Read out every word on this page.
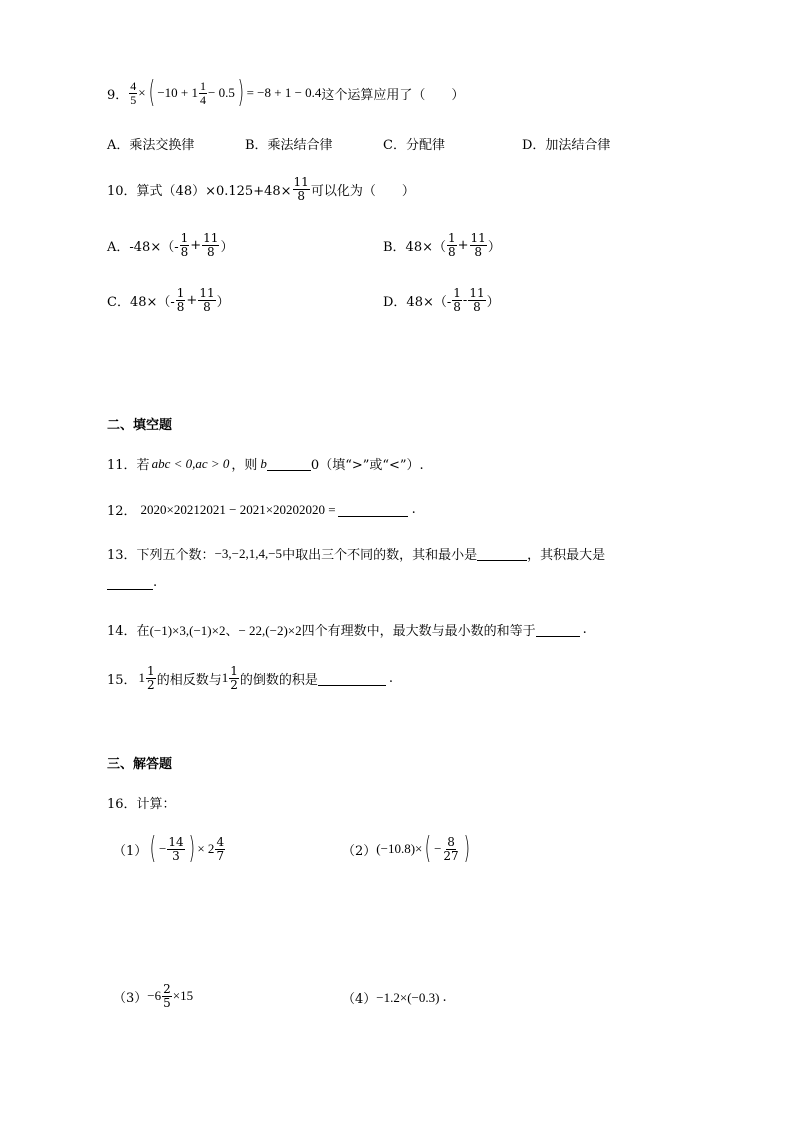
9． $\frac{4}{5}$ × ( $-10 + 1 \frac{1}{4} - 0.5$ ) = −8 + 1 − 0.4 这个运算应用了（　　）
A．乘法交换律	B．乘法结合律	C．分配律	D．加法结合律
10． 算式$(48)\times 0.125+48\times \frac{11}{8}$ 可以化为（　　）
A．$-48\times(- \frac{1}{8} + \frac{11}{8}$ ）	B．$48\times( \frac{1}{8} + \frac{11}{8}$ ）
C．$48\times(- \frac{1}{8} + \frac{11}{8}$ ）	D．$48\times(- \frac{1}{8} - \frac{11}{8}$ ）
二、填空题
11． 若 abc < 0,ac > 0 ，则 b	0（填“>”或“<”）.
12． 2020×20212021 − 2021×20202020 =	.
13． 下列五个数： −3,−2,1,4,−5 中取出三个不同的数，其和最小是	，其积最大是
.
14． 在 (−1)×3,(−1)×2、− 22,(−2)×2 四个有理数中，最大数与最小数的和等于	.
15． $1 \frac{1}{2}$ 的相反数与 $1 \frac{1}{2}$ 的倒数的积是	.
三、解答题
16．计算：
（1） ( − $\frac{14}{3}$ ) × $2 \frac{4}{7}$	（2） (−10.8)× ( − $\frac{8}{27}$ )
$(3) -6 \frac{2}{5} \times 15$	（4） −1.2×(−0.3) .
